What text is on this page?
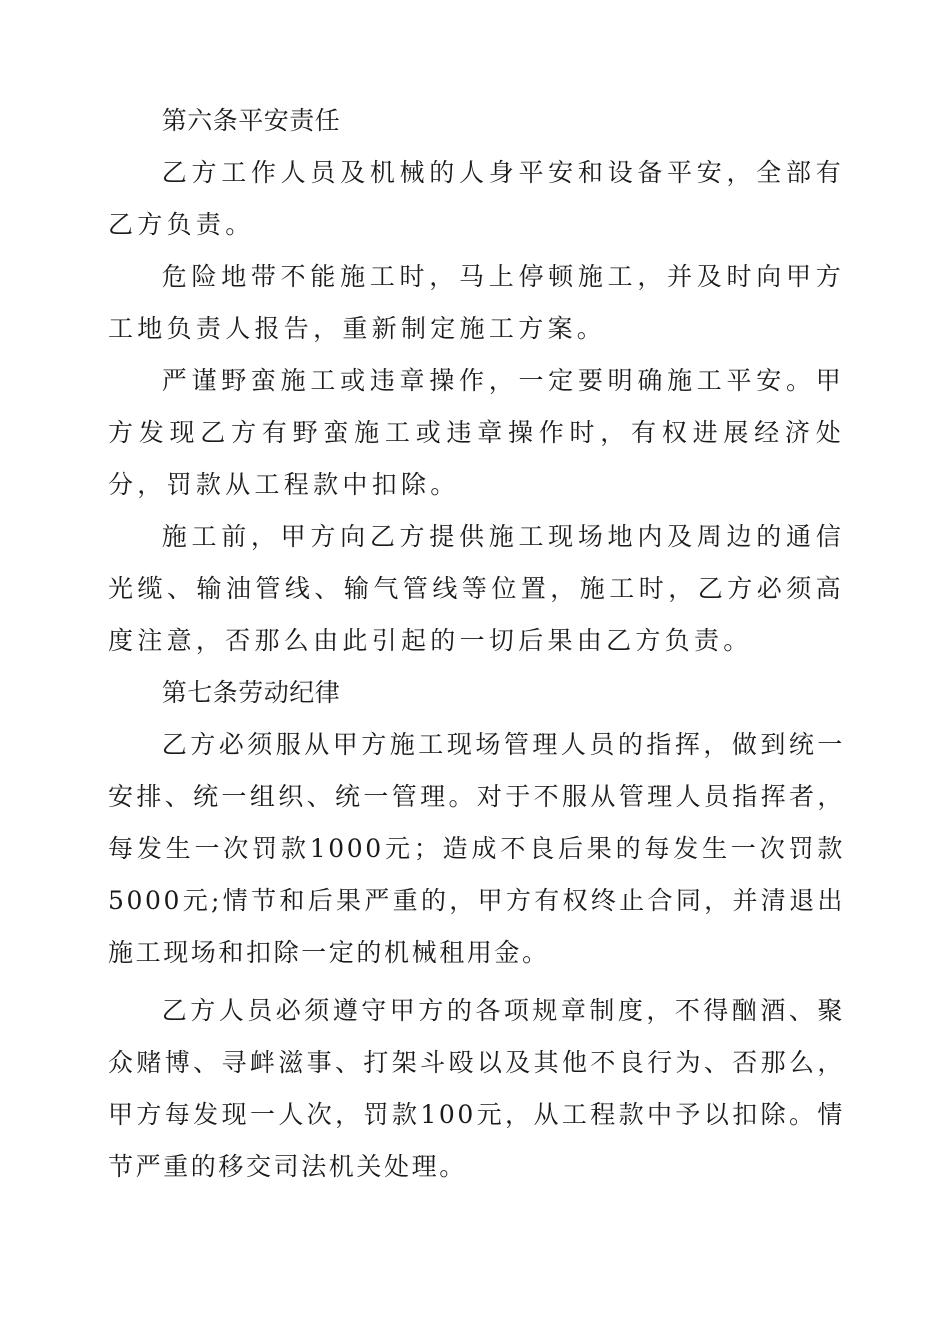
第六条平安责任

乙方工作人员及机械的人身平安和设备平安，全部有乙方负责。

危险地带不能施工时，马上停顿施工，并及时向甲方工地负责人报告，重新制定施工方案。

严谨野蛮施工或违章操作，一定要明确施工平安。甲方发现乙方有野蛮施工或违章操作时，有权进展经济处分，罚款从工程款中扣除。

施工前，甲方向乙方提供施工现场地内及周边的通信光缆、输油管线、输气管线等位置，施工时，乙方必须高度注意，否那么由此引起的一切后果由乙方负责。

第七条劳动纪律

乙方必须服从甲方施工现场管理人员的指挥，做到统一安排、统一组织、统一管理。对于不服从管理人员指挥者，每发生一次罚款1000元；造成不良后果的每发生一次罚款5000元;情节和后果严重的，甲方有权终止合同，并清退出施工现场和扣除一定的机械租用金。

乙方人员必须遵守甲方的各项规章制度，不得酗酒、聚众赌博、寻衅滋事、打架斗殴以及其他不良行为、否那么，甲方每发现一人次，罚款100元，从工程款中予以扣除。情节严重的移交司法机关处理。
